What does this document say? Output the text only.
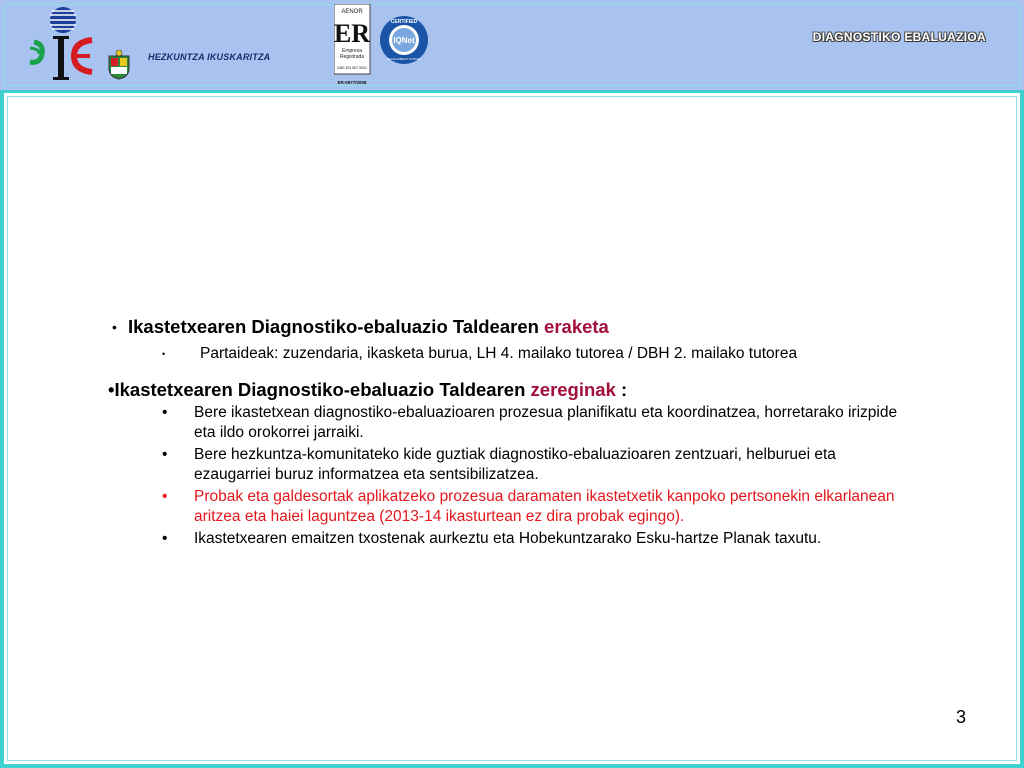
HEZKUNTZA IKUSKARITZA
AENOR
ER
Empresa
Registrada
UNE-EN ISO 9001
ER-0977/2008
CERTIFIED
IQNet
MANAGEMENT SYSTEM
DIAGNOSTIKO EBALUAZIOA
• Ikastetxearen Diagnostiko-ebaluazio Taldearen eraketa
• Partaideak: zuzendaria, ikasketa burua, LH 4. mailako tutorea / DBH 2. mailako tutorea
•Ikastetxearen Diagnostiko-ebaluazio Taldearen zereginak :
• Bere ikastetxean diagnostiko-ebaluazioaren prozesua planifikatu eta koordinatzea, horretarako irizpide eta ildo orokorrei jarraiki.
• Bere hezkuntza-komunitateko kide guztiak diagnostiko-ebaluazioaren zentzuari, helburuei eta ezaugarriei buruz informatzea eta sentsibilizatzea.
• Probak eta galdesortak aplikatzeko prozesua daramaten ikastetxetik kanpoko pertsonekin elkarlanean aritzea eta haiei laguntzea (2013-14 ikasturtean ez dira probak egingo).
• Ikastetxearen emaitzen txostenak aurkeztu eta Hobekuntzarako Esku-hartze Planak taxutu.
3
